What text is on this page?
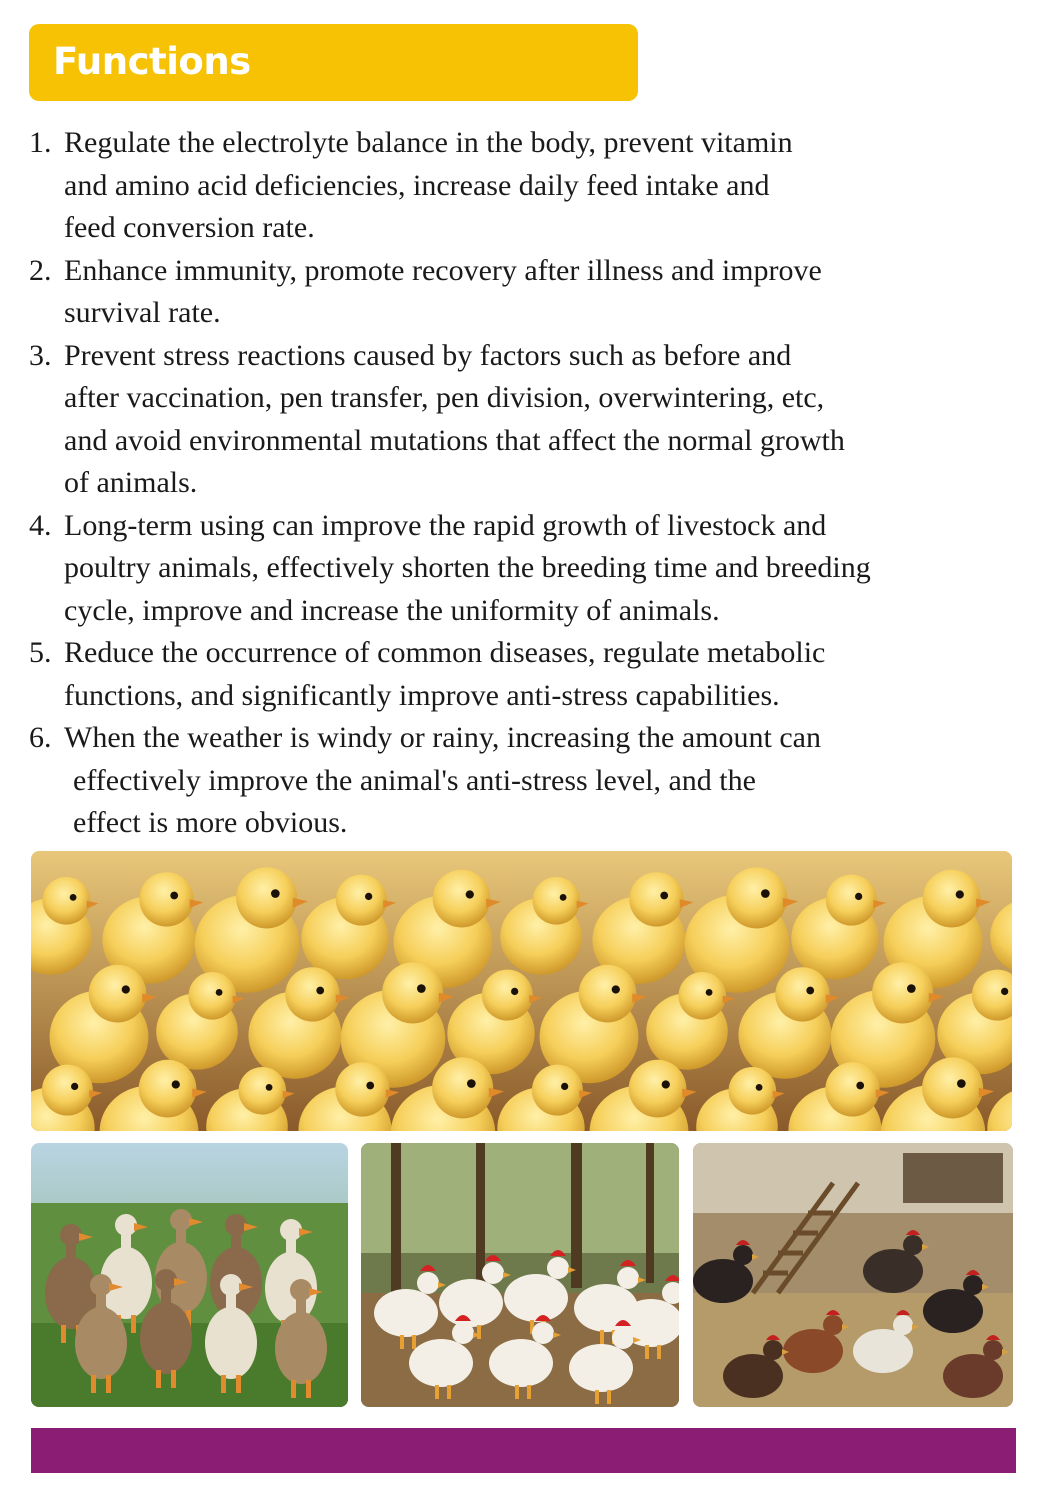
Functions
1. Regulate the electrolyte balance in the body, prevent vitamin
and amino acid deficiencies, increase daily feed intake and
feed conversion rate.
2. Enhance immunity, promote recovery after illness and improve
survival rate.
3. Prevent stress reactions caused by factors such as before and
after vaccination, pen transfer, pen division, overwintering, etc,
and avoid environmental mutations that affect the normal growth
of animals.
4. Long-term using can improve the rapid growth of livestock and
poultry animals, effectively shorten the breeding time and breeding
cycle, improve and increase the uniformity of animals.
5. Reduce the occurrence of common diseases, regulate metabolic
functions, and significantly improve anti-stress capabilities.
6. When the weather is windy or rainy, increasing the amount can
effectively improve the animal's anti-stress level, and the
effect is more obvious.
